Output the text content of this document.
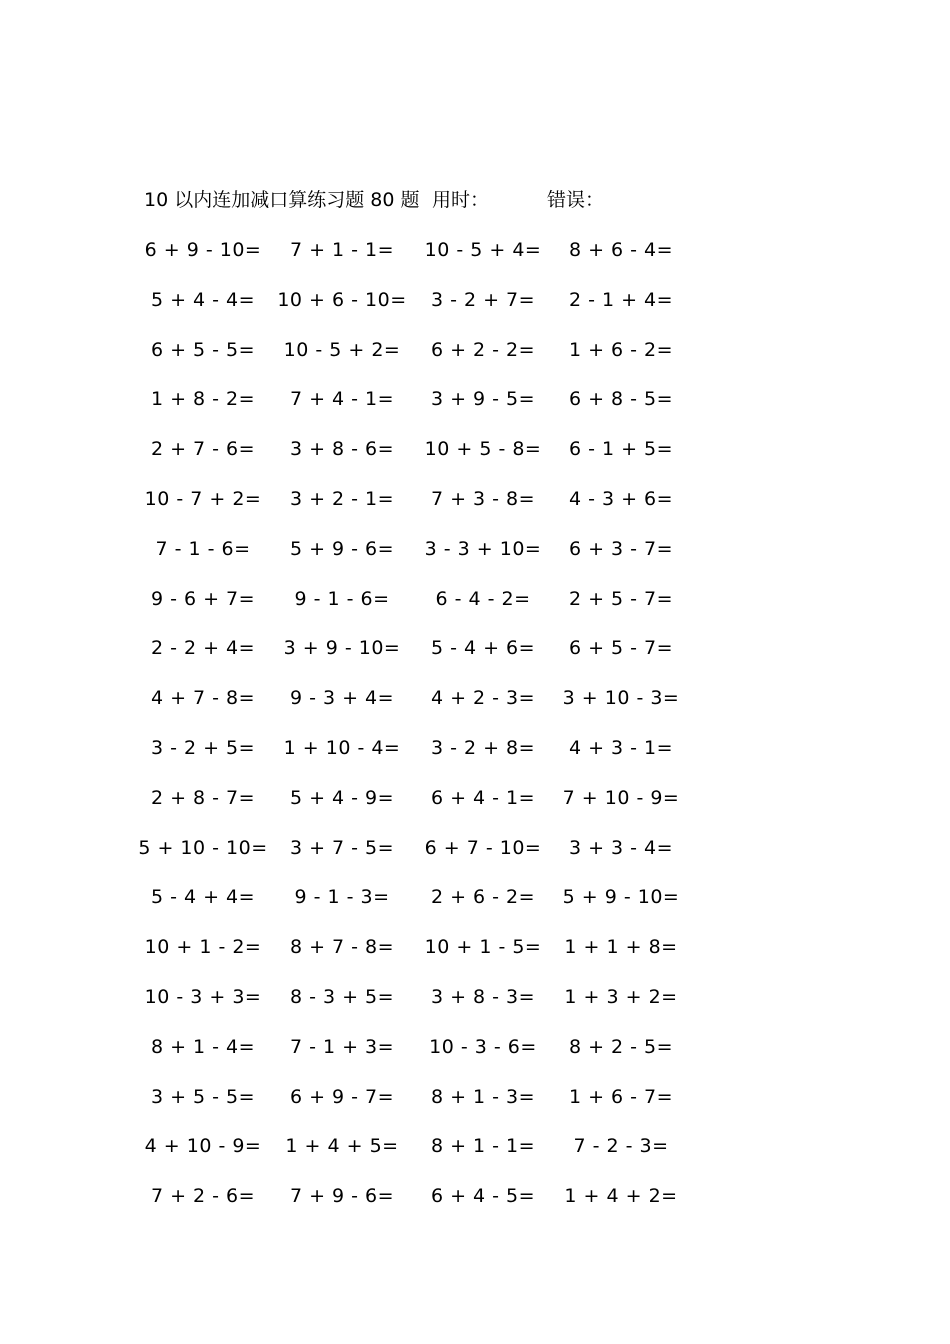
10 以内连加减口算练习题 80 题 用时：	错误：
6 + 9 - 10=	7 + 1 - 1=	10 - 5 + 4=	8 + 6 - 4=
5 + 4 - 4=	10 + 6 - 10=	3 - 2 + 7=	2 - 1 + 4=
6 + 5 - 5=	10 - 5 + 2=	6 + 2 - 2=	1 + 6 - 2=
1 + 8 - 2=	7 + 4 - 1=	3 + 9 - 5=	6 + 8 - 5=
2 + 7 - 6=	3 + 8 - 6=	10 + 5 - 8=	6 - 1 + 5=
10 - 7 + 2=	3 + 2 - 1=	7 + 3 - 8=	4 - 3 + 6=
7 - 1 - 6=	5 + 9 - 6=	3 - 3 + 10=	6 + 3 - 7=
9 - 6 + 7=	9 - 1 - 6=	6 - 4 - 2=	2 + 5 - 7=
2 - 2 + 4=	3 + 9 - 10=	5 - 4 + 6=	6 + 5 - 7=
4 + 7 - 8=	9 - 3 + 4=	4 + 2 - 3=	3 + 10 - 3=
3 - 2 + 5=	1 + 10 - 4=	3 - 2 + 8=	4 + 3 - 1=
2 + 8 - 7=	5 + 4 - 9=	6 + 4 - 1=	7 + 10 - 9=
5 + 10 - 10=	3 + 7 - 5=	6 + 7 - 10=	3 + 3 - 4=
5 - 4 + 4=	9 - 1 - 3=	2 + 6 - 2=	5 + 9 - 10=
10 + 1 - 2=	8 + 7 - 8=	10 + 1 - 5=	1 + 1 + 8=
10 - 3 + 3=	8 - 3 + 5=	3 + 8 - 3=	1 + 3 + 2=
8 + 1 - 4=	7 - 1 + 3=	10 - 3 - 6=	8 + 2 - 5=
3 + 5 - 5=	6 + 9 - 7=	8 + 1 - 3=	1 + 6 - 7=
4 + 10 - 9=	1 + 4 + 5=	8 + 1 - 1=	7 - 2 - 3=
7 + 2 - 6=	7 + 9 - 6=	6 + 4 - 5=	1 + 4 + 2=
